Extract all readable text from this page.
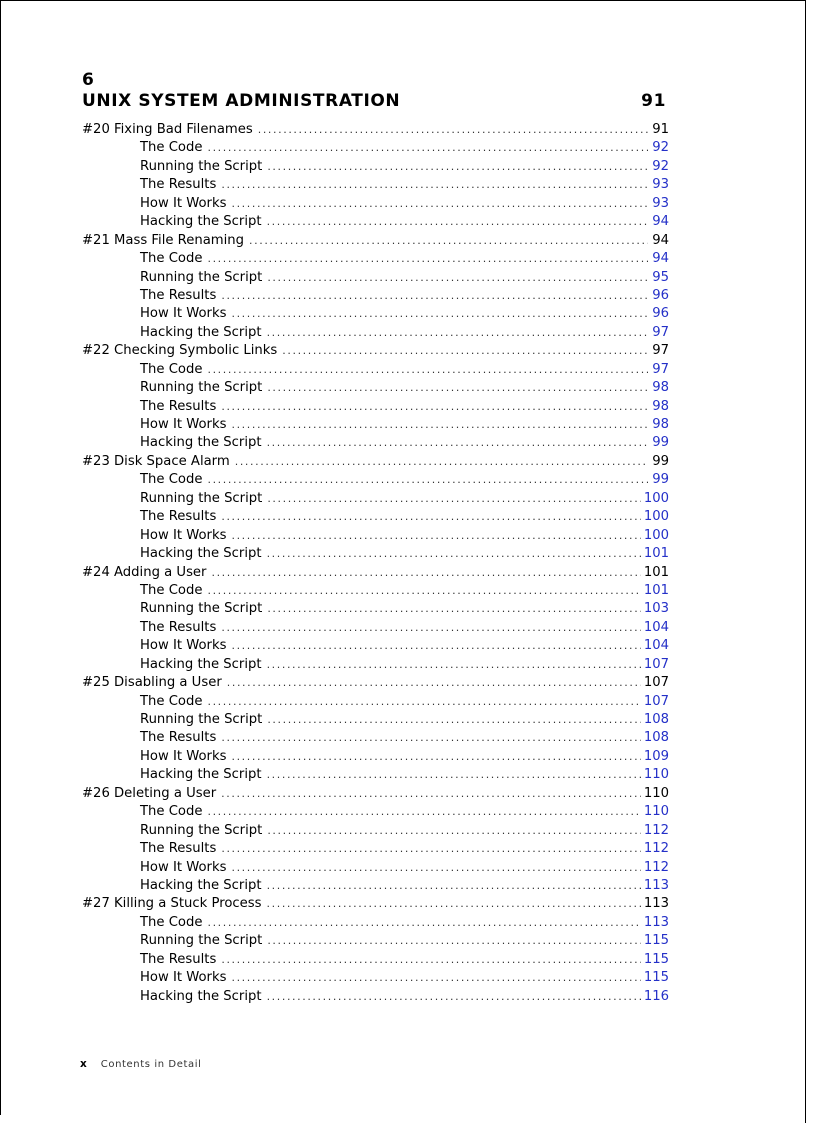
6
UNIX SYSTEM ADMINISTRATION	91
#20 Fixing Bad Filenames .....	91
The Code .....	92
Running the Script .....	92
The Results .....	93
How It Works .....	93
Hacking the Script .....	94
#21 Mass File Renaming .....	94
The Code .....	94
Running the Script .....	95
The Results .....	96
How It Works .....	96
Hacking the Script .....	97
#22 Checking Symbolic Links .....	97
The Code .....	97
Running the Script .....	98
The Results .....	98
How It Works .....	98
Hacking the Script .....	99
#23 Disk Space Alarm .....	99
The Code .....	99
Running the Script .....	100
The Results .....	100
How It Works .....	100
Hacking the Script .....	101
#24 Adding a User .....	101
The Code .....	101
Running the Script .....	103
The Results .....	104
How It Works .....	104
Hacking the Script .....	107
#25 Disabling a User .....	107
The Code .....	107
Running the Script .....	108
The Results .....	108
How It Works .....	109
Hacking the Script .....	110
#26 Deleting a User .....	110
The Code .....	110
Running the Script .....	112
The Results .....	112
How It Works .....	112
Hacking the Script .....	113
#27 Killing a Stuck Process .....	113
The Code .....	113
Running the Script .....	115
The Results .....	115
How It Works .....	115
Hacking the Script .....	116
x Contents in Detail
